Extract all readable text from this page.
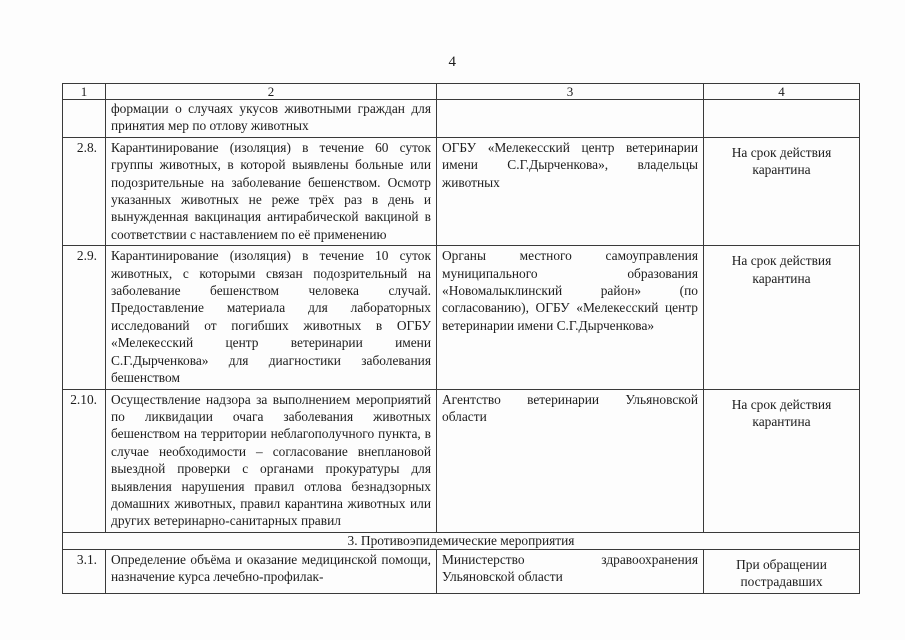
4
1	2	3	4
	формации о случаях укусов животными граждан для принятия мер по отлову животных		
2.8.	Карантинирование (изоляция) в течение 60 суток группы животных, в которой выявлены больные или подозрительные на заболевание бешенством. Осмотр указанных животных не реже трёх раз в день и вынужденная вакцинация антирабической вакциной в соответствии с наставлением по её применению	ОГБУ «Мелекесский центр ветеринарии имени С.Г.Дырченкова», владельцы животных	На срок действия карантина
2.9.	Карантинирование (изоляция) в течение 10 суток животных, с которыми связан подозрительный на заболевание бешенством человека случай. Предоставление материала для лабораторных исследований от погибших животных в ОГБУ «Мелекесский центр ветеринарии имени С.Г.Дырченкова» для диагностики заболевания бешенством	Органы местного самоуправления муниципального образования «Новомалыклинский район» (по согласованию), ОГБУ «Мелекесский центр ветеринарии имени С.Г.Дырченкова»	На срок действия карантина
2.10.	Осуществление надзора за выполнением мероприятий по ликвидации очага заболевания животных бешенством на территории неблагополучного пункта, в случае необходимости – согласование внеплановой выездной проверки с органами прокуратуры для выявления нарушения правил отлова безнадзорных домашних животных, правил карантина животных или других ветеринарно-санитарных правил	Агентство ветеринарии Ульяновской области	На срок действия карантина
3. Противоэпидемические мероприятия			
3.1.	Определение объёма и оказание медицинской помощи, назначение курса лечебно-профилак-	Министерство здравоохранения Ульяновской области	При обращении пострадавших
